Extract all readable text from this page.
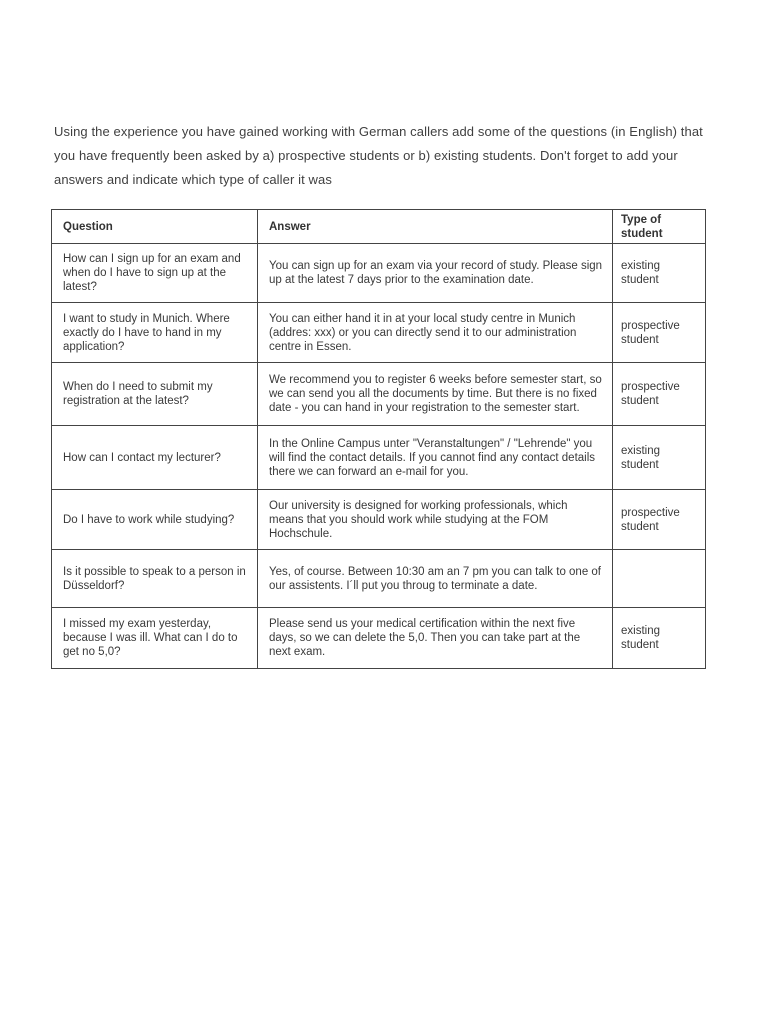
Using the experience you have gained working with German callers add some of the questions (in English) that you have frequently been asked by a) prospective students or b) existing students. Don't forget to add your answers and indicate which type of caller it was
Question	Answer	Type of student
How can I sign up for an exam and when do I have to sign up at the latest?	You can sign up for an exam via your record of study. Please sign up at the latest 7 days prior to the examination date.	existing student
I want to study in Munich. Where exactly do I have to hand in my application?	You can either hand it in at your local study centre in Munich (addres: xxx) or you can directly send it to our administration centre in Essen.	prospective student
When do I need to submit my registration at the latest?	We recommend you to register 6 weeks before semester start, so we can send you all the documents by time. But there is no fixed date - you can hand in your registration to the semester start.	prospective student
How can I contact my lecturer?	In the Online Campus unter "Veranstaltungen" / "Lehrende" you will find the contact details. If you cannot find any contact details there we can forward an e-mail for you.	existing student
Do I have to work while studying?	Our university is designed for working professionals, which means that you should work while studying at the FOM Hochschule.	prospective student
Is it possible to speak to a person in Düsseldorf?	Yes, of course. Between 10:30 am an 7 pm you can talk to one of our assistents. I´ll put you throug to terminate a date.	
I missed my exam yesterday, because I was ill. What can I do to get no 5,0?	Please send us your medical certification within the next five days, so we can delete the 5,0. Then you can take part at the next exam.	existing student
